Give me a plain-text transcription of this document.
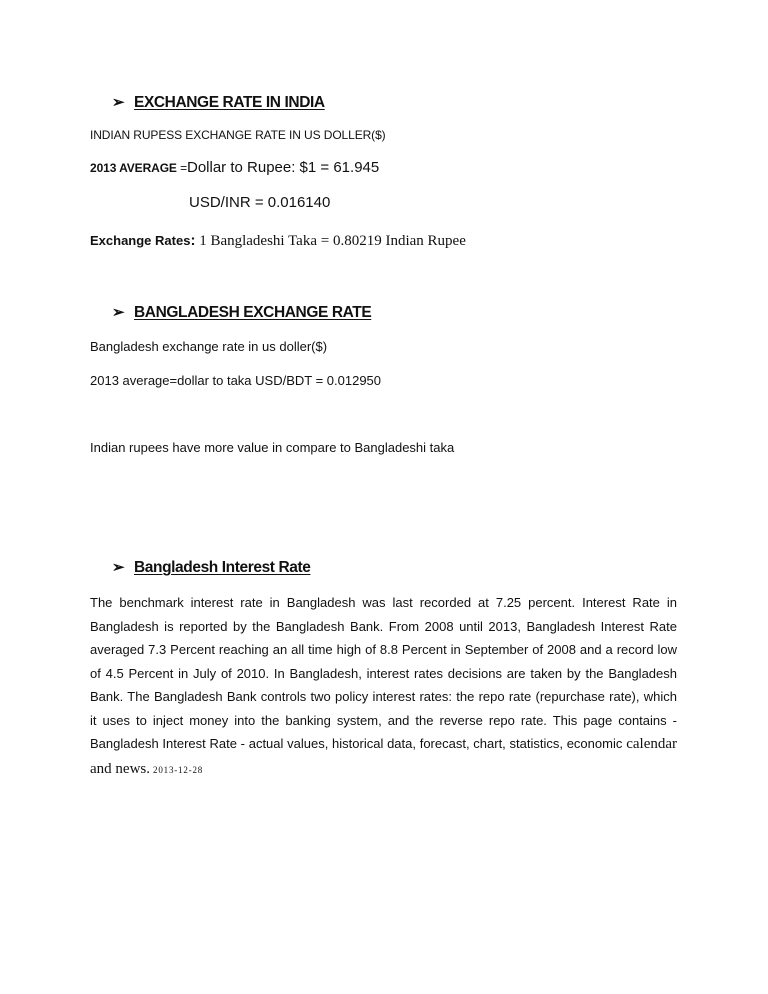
➢ EXCHANGE RATE IN INDIA
INDIAN RUPESS EXCHANGE RATE IN US DOLLER($)
2013 AVERAGE =Dollar to Rupee: $1 = 61.945
USD/INR = 0.016140
Exchange Rates: 1 Bangladeshi Taka = 0.80219 Indian Rupee
➢ BANGLADESH EXCHANGE RATE
Bangladesh exchange rate in us doller($)
2013 average=dollar to taka USD/BDT = 0.012950
Indian rupees have more value in compare to Bangladeshi taka
➢ Bangladesh Interest Rate
The benchmark interest rate in Bangladesh was last recorded at 7.25 percent. Interest Rate in Bangladesh is reported by the Bangladesh Bank. From 2008 until 2013, Bangladesh Interest Rate averaged 7.3 Percent reaching an all time high of 8.8 Percent in September of 2008 and a record low of 4.5 Percent in July of 2010. In Bangladesh, interest rates decisions are taken by the Bangladesh Bank. The Bangladesh Bank controls two policy interest rates: the repo rate (repurchase rate), which it uses to inject money into the banking system, and the reverse repo rate. This page contains - Bangladesh Interest Rate - actual values, historical data, forecast, chart, statistics, economic calendar and news. 2013-12-28
